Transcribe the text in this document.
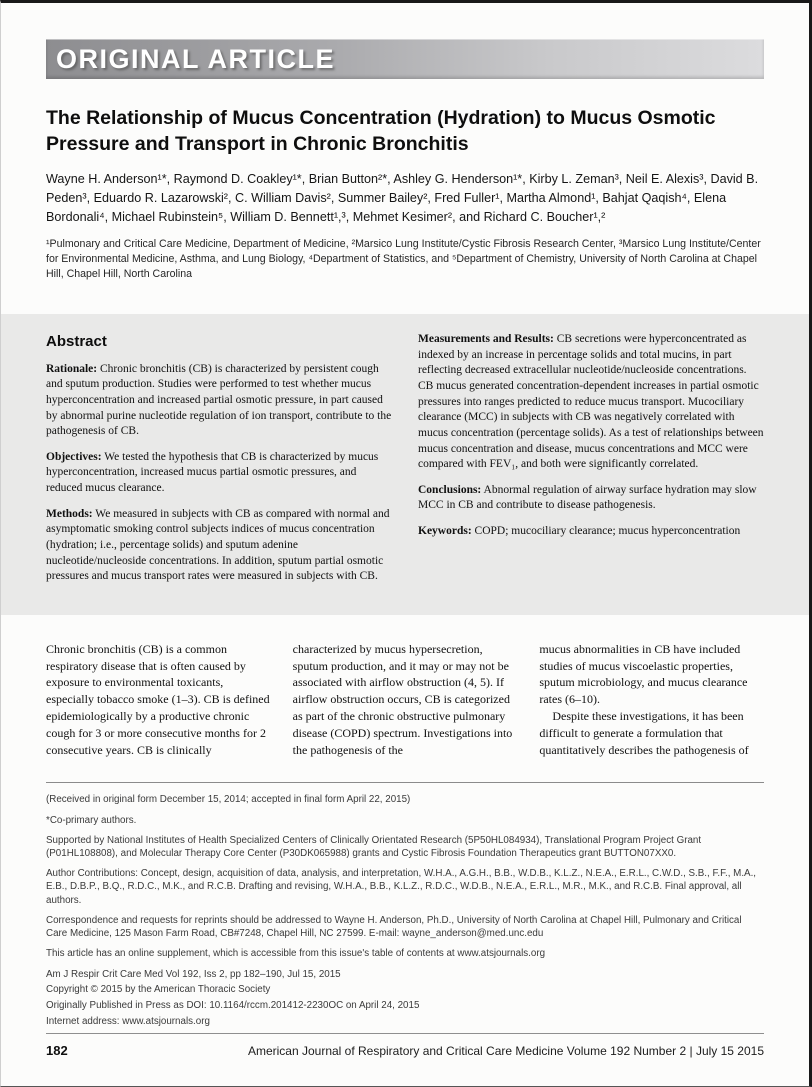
ORIGINAL ARTICLE
The Relationship of Mucus Concentration (Hydration) to Mucus Osmotic Pressure and Transport in Chronic Bronchitis
Wayne H. Anderson¹*, Raymond D. Coakley¹*, Brian Button²*, Ashley G. Henderson¹*, Kirby L. Zeman³, Neil E. Alexis³, David B. Peden³, Eduardo R. Lazarowski², C. William Davis², Summer Bailey², Fred Fuller¹, Martha Almond¹, Bahjat Qaqish⁴, Elena Bordonali⁴, Michael Rubinstein⁵, William D. Bennett¹,³, Mehmet Kesimer², and Richard C. Boucher¹,²
¹Pulmonary and Critical Care Medicine, Department of Medicine, ²Marsico Lung Institute/Cystic Fibrosis Research Center, ³Marsico Lung Institute/Center for Environmental Medicine, Asthma, and Lung Biology, ⁴Department of Statistics, and ⁵Department of Chemistry, University of North Carolina at Chapel Hill, Chapel Hill, North Carolina
Abstract

Rationale: Chronic bronchitis (CB) is characterized by persistent cough and sputum production. Studies were performed to test whether mucus hyperconcentration and increased partial osmotic pressure, in part caused by abnormal purine nucleotide regulation of ion transport, contribute to the pathogenesis of CB.

Objectives: We tested the hypothesis that CB is characterized by mucus hyperconcentration, increased mucus partial osmotic pressures, and reduced mucus clearance.

Methods: We measured in subjects with CB as compared with normal and asymptomatic smoking control subjects indices of mucus concentration (hydration; i.e., percentage solids) and sputum adenine nucleotide/nucleoside concentrations. In addition, sputum partial osmotic pressures and mucus transport rates were measured in subjects with CB.

Measurements and Results: CB secretions were hyperconcentrated as indexed by an increase in percentage solids and total mucins, in part reflecting decreased extracellular nucleotide/nucleoside concentrations. CB mucus generated concentration-dependent increases in partial osmotic pressures into ranges predicted to reduce mucus transport. Mucociliary clearance (MCC) in subjects with CB was negatively correlated with mucus concentration (percentage solids). As a test of relationships between mucus concentration and disease, mucus concentrations and MCC were compared with FEV₁, and both were significantly correlated.

Conclusions: Abnormal regulation of airway surface hydration may slow MCC in CB and contribute to disease pathogenesis.

Keywords: COPD; mucociliary clearance; mucus hyperconcentration

Chronic bronchitis (CB) is a common respiratory disease that is often caused by exposure to environmental toxicants, especially tobacco smoke (1–3). CB is defined epidemiologically by a productive chronic cough for 3 or more consecutive months for 2 consecutive years. CB is clinically

characterized by mucus hypersecretion, sputum production, and it may or may not be associated with airflow obstruction (4, 5). If airflow obstruction occurs, CB is categorized as part of the chronic obstructive pulmonary disease (COPD) spectrum. Investigations into the pathogenesis of the

mucus abnormalities in CB have included studies of mucus viscoelastic properties, sputum microbiology, and mucus clearance rates (6–10).

Despite these investigations, it has been difficult to generate a formulation that quantitatively describes the pathogenesis of

(Received in original form December 15, 2014; accepted in final form April 22, 2015)

*Co-primary authors.

Supported by National Institutes of Health Specialized Centers of Clinically Orientated Research (5P50HL084934), Translational Program Project Grant (P01HL108808), and Molecular Therapy Core Center (P30DK065988) grants and Cystic Fibrosis Foundation Therapeutics grant BUTTON07XX0.

Author Contributions: Concept, design, acquisition of data, analysis, and interpretation, W.H.A., A.G.H., B.B., W.D.B., K.L.Z., N.E.A., E.R.L., C.W.D., S.B., F.F., M.A., E.B., D.B.P., B.Q., R.D.C., M.K., and R.C.B. Drafting and revising, W.H.A., B.B., K.L.Z., R.D.C., W.D.B., N.E.A., E.R.L., M.R., M.K., and R.C.B. Final approval, all authors.

Correspondence and requests for reprints should be addressed to Wayne H. Anderson, Ph.D., University of North Carolina at Chapel Hill, Pulmonary and Critical Care Medicine, 125 Mason Farm Road, CB#7248, Chapel Hill, NC 27599. E-mail: wayne_anderson@med.unc.edu

This article has an online supplement, which is accessible from this issue's table of contents at www.atsjournals.org

Am J Respir Crit Care Med Vol 192, Iss 2, pp 182–190, Jul 15, 2015

Copyright © 2015 by the American Thoracic Society

Originally Published in Press as DOI: 10.1164/rccm.201412-2230OC on April 24, 2015

Internet address: www.atsjournals.org

182	American Journal of Respiratory and Critical Care Medicine Volume 192 Number 2 | July 15 2015
